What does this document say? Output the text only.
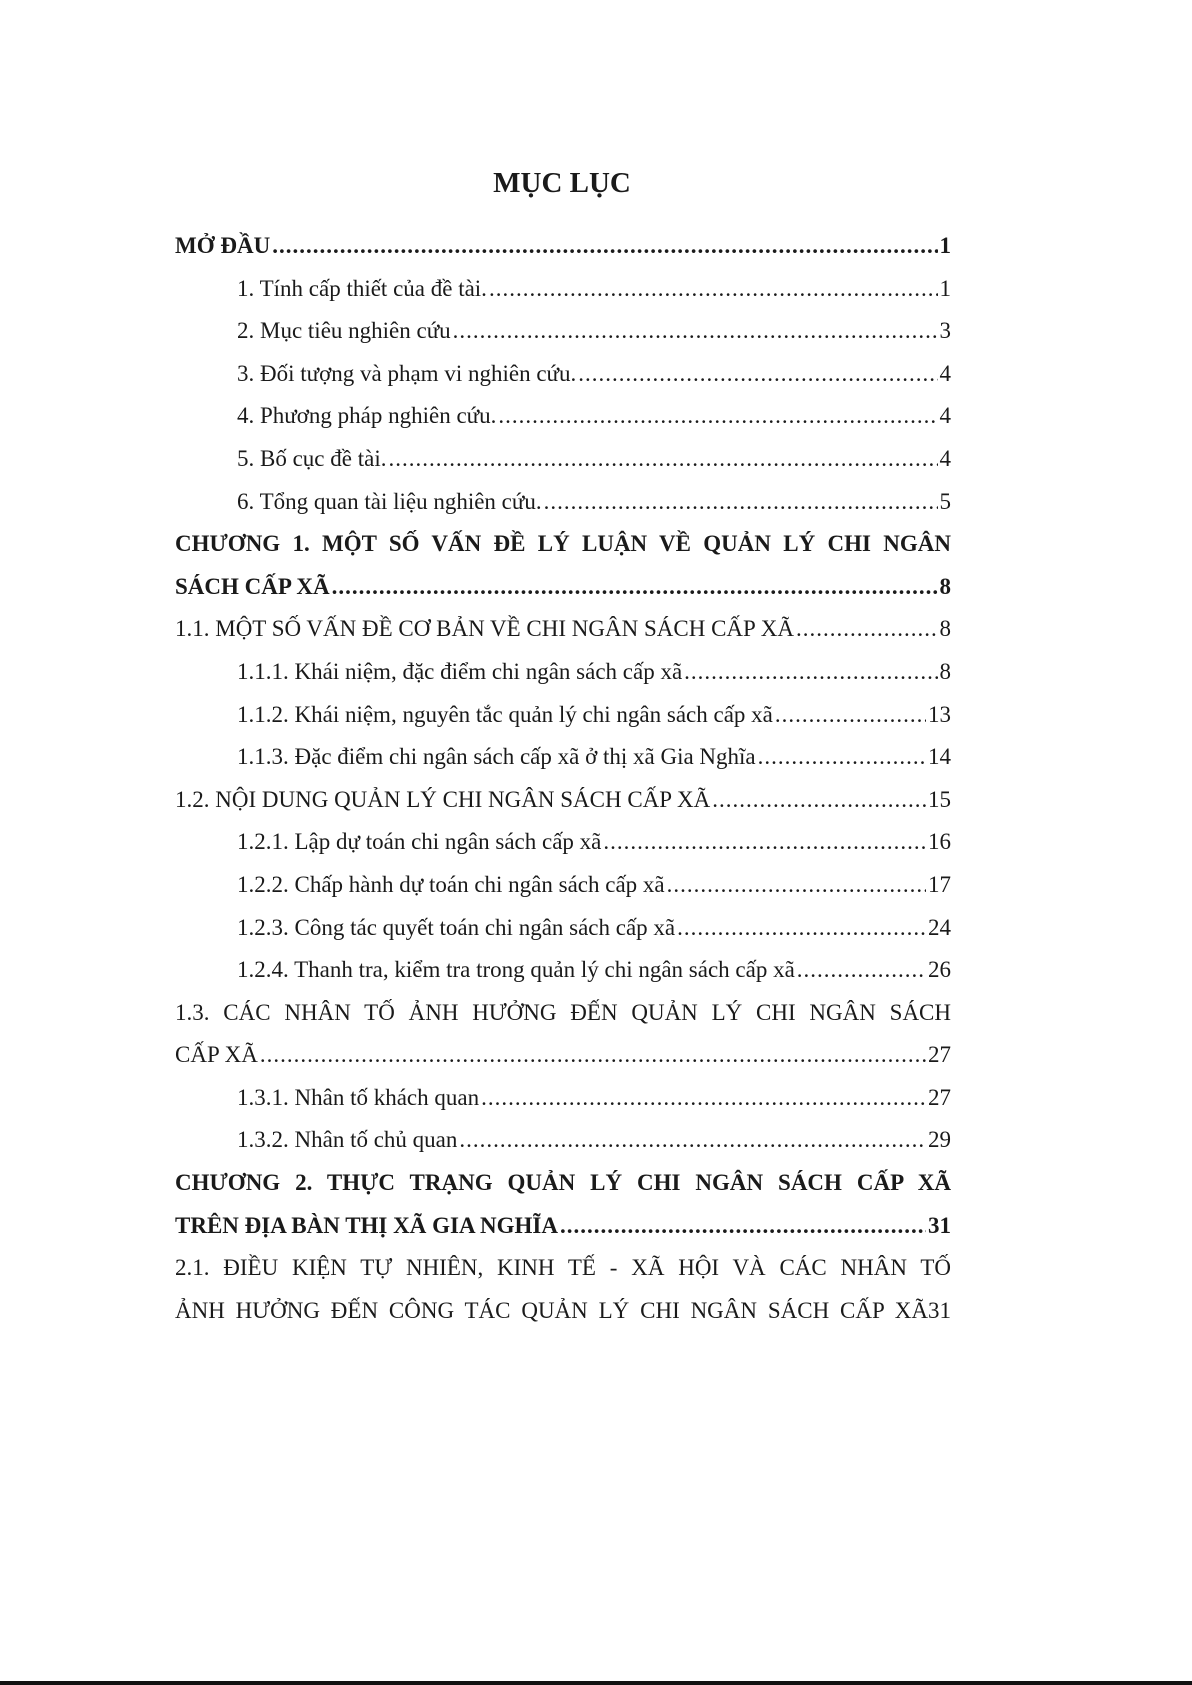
MỤC LỤC
MỞ ĐẦU .....	1
1. Tính cấp thiết của đề tài. .....	1
2. Mục tiêu nghiên cứu .....	3
3. Đối tượng và phạm vi nghiên cứu. .....	4
4. Phương pháp nghiên cứu. .....	4
5. Bố cục đề tài. .....	4
6. Tổng quan tài liệu nghiên cứu. .....	5
CHƯƠNG 1. MỘT SỐ VẤN ĐỀ LÝ LUẬN VỀ QUẢN LÝ CHI NGÂN
SÁCH CẤP XÃ .....	8
1.1. MỘT SỐ VẤN ĐỀ CƠ BẢN VỀ CHI NGÂN SÁCH CẤP XÃ .....	8
1.1.1. Khái niệm, đặc điểm chi ngân sách cấp xã .....	8
1.1.2. Khái niệm, nguyên tắc quản lý chi ngân sách cấp xã .....	13
1.1.3. Đặc điểm chi ngân sách cấp xã ở thị xã Gia Nghĩa .....	14
1.2. NỘI DUNG QUẢN LÝ CHI NGÂN SÁCH CẤP XÃ .....	15
1.2.1. Lập dự toán chi ngân sách cấp xã .....	16
1.2.2. Chấp hành dự toán chi ngân sách cấp xã .....	17
1.2.3. Công tác quyết toán chi ngân sách cấp xã .....	24
1.2.4. Thanh tra, kiểm tra trong quản lý chi ngân sách cấp xã .....	26
1.3. CÁC NHÂN TỐ ẢNH HƯỞNG ĐẾN QUẢN LÝ CHI NGÂN SÁCH
CẤP XÃ .....	27
1.3.1. Nhân tố khách quan .....	27
1.3.2. Nhân tố chủ quan .....	29
CHƯƠNG 2. THỰC TRẠNG QUẢN LÝ CHI NGÂN SÁCH CẤP XÃ
TRÊN ĐỊA BÀN THỊ XÃ GIA NGHĨA .....	31
2.1. ĐIỀU KIỆN TỰ NHIÊN, KINH TẾ - XÃ HỘI VÀ CÁC NHÂN TỐ
ẢNH HƯỞNG ĐẾN CÔNG TÁC QUẢN LÝ CHI NGÂN SÁCH CẤP XÃ 31
